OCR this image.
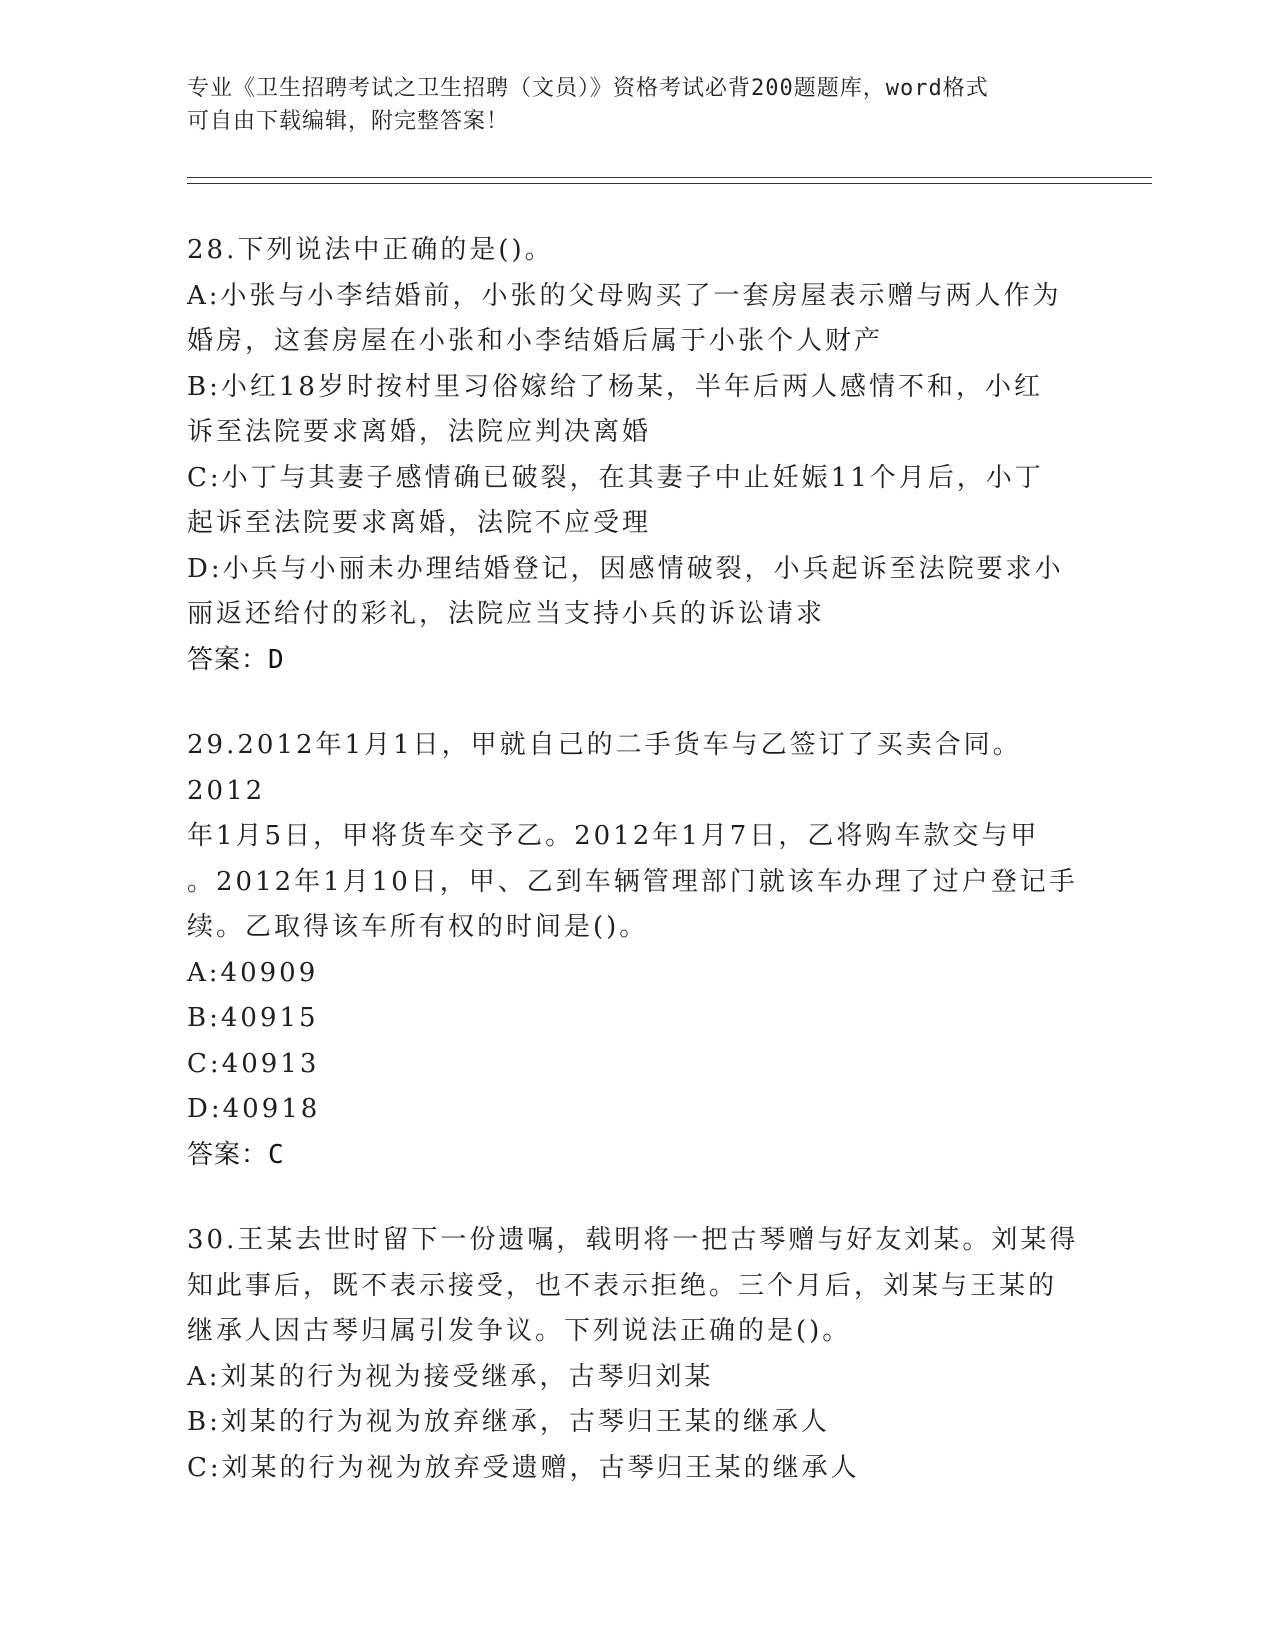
专业《卫生招聘考试之卫生招聘（文员）》资格考试必背200题题库，word格式
可自由下载编辑，附完整答案！
28.下列说法中正确的是()。
A:小张与小李结婚前，小张的父母购买了一套房屋表示赠与两人作为
婚房，这套房屋在小张和小李结婚后属于小张个人财产
B:小红18岁时按村里习俗嫁给了杨某，半年后两人感情不和，小红
诉至法院要求离婚，法院应判决离婚
C:小丁与其妻子感情确已破裂，在其妻子中止妊娠11个月后，小丁
起诉至法院要求离婚，法院不应受理
D:小兵与小丽未办理结婚登记，因感情破裂，小兵起诉至法院要求小
丽返还给付的彩礼，法院应当支持小兵的诉讼请求
答案：D
29.2012年1月1日，甲就自己的二手货车与乙签订了买卖合同。2012
年1月5日，甲将货车交予乙。2012年1月7日，乙将购车款交与甲
。2012年1月10日，甲、乙到车辆管理部门就该车办理了过户登记手
续。乙取得该车所有权的时间是()。
A:40909
B:40915
C:40913
D:40918
答案：C
30.王某去世时留下一份遗嘱，载明将一把古琴赠与好友刘某。刘某得
知此事后，既不表示接受，也不表示拒绝。三个月后，刘某与王某的
继承人因古琴归属引发争议。下列说法正确的是()。
A:刘某的行为视为接受继承，古琴归刘某
B:刘某的行为视为放弃继承，古琴归王某的继承人
C:刘某的行为视为放弃受遗赠，古琴归王某的继承人
